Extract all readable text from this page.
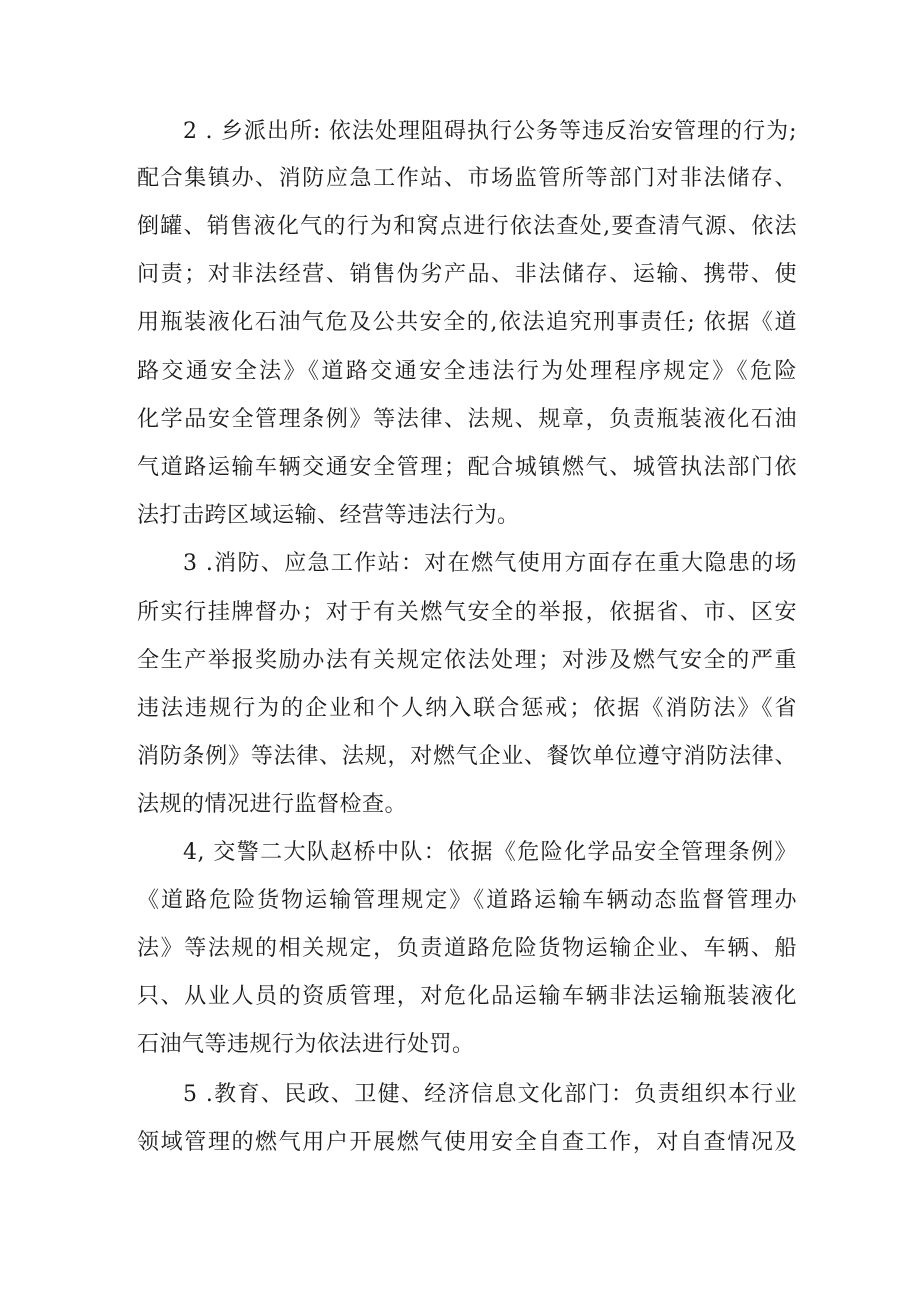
2 . 乡派出所: 依法处理阻碍执行公务等违反治安管理的行为;
配合集镇办、消防应急工作站、市场监管所等部门对非法储存、
倒罐、销售液化气的行为和窝点进行依法查处,要查清气源、依法
问责；对非法经营、销售伪劣产品、非法储存、运输、携带、使
用瓶装液化石油气危及公共安全的,依法追究刑事责任; 依据《道
路交通安全法》《道路交通安全违法行为处理程序规定》《危险
化学品安全管理条例》等法律、法规、规章，负责瓶装液化石油
气道路运输车辆交通安全管理；配合城镇燃气、城管执法部门依
法打击跨区域运输、经营等违法行为。
3 .消防、应急工作站：对在燃气使用方面存在重大隐患的场
所实行挂牌督办；对于有关燃气安全的举报，依据省、市、区安
全生产举报奖励办法有关规定依法处理；对涉及燃气安全的严重
违法违规行为的企业和个人纳入联合惩戒；依据《消防法》《省
消防条例》等法律、法规，对燃气企业、餐饮单位遵守消防法律、
法规的情况进行监督检查。
4, 交警二大队赵桥中队：依据《危险化学品安全管理条例》
《道路危险货物运输管理规定》《道路运输车辆动态监督管理办
法》等法规的相关规定，负责道路危险货物运输企业、车辆、船
只、从业人员的资质管理，对危化品运输车辆非法运输瓶装液化
石油气等违规行为依法进行处罚。
5 .教育、民政、卫健、经济信息文化部门：负责组织本行业
领域管理的燃气用户开展燃气使用安全自查工作，对自查情况及
